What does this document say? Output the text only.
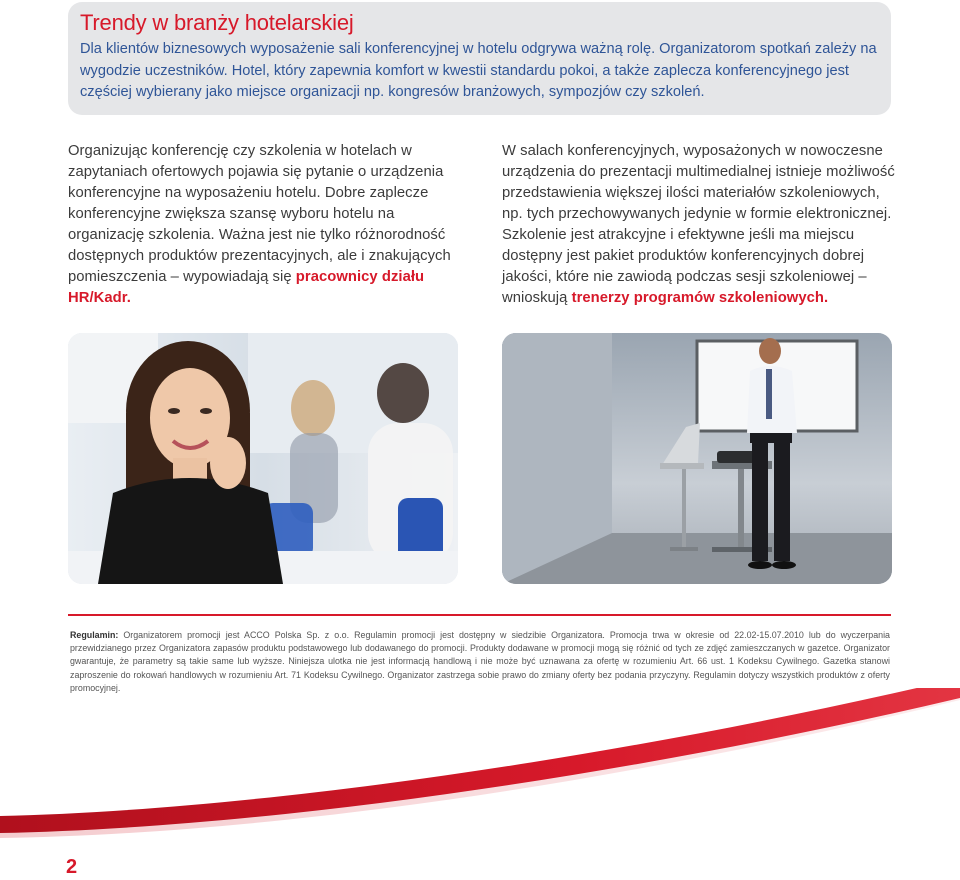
Trendy w branży hotelarskiej

Dla klientów biznesowych wyposażenie sali konferencyjnej w hotelu odgrywa ważną rolę. Organizatorom spotkań zależy na wygodzie uczestników. Hotel, który zapewnia komfort w kwestii standardu pokoi, a także zaplecza konferencyjnego jest częściej wybierany jako miejsce organizacji np. kongresów branżowych, sympozjów czy szkoleń.

Organizując konferencję czy szkolenia w hotelach w zapytaniach ofertowych pojawia się pytanie o urządzenia konferencyjne na wyposażeniu hotelu. Dobre zaplecze konferencyjne zwiększa szansę wyboru hotelu na organizację szkolenia. Ważna jest nie tylko różnorodność dostępnych produktów prezentacyjnych, ale i znakujących pomieszczenia – wypowiadają się pracownicy działu HR/Kadr.

W salach konferencyjnych, wyposażonych w nowoczesne urządzenia do prezentacji multimedialnej istnieje możliwość przedstawienia większej ilości materiałów szkoleniowych, np. tych przechowywanych jedynie w formie elektronicznej. Szkolenie jest atrakcyjne i efektywne jeśli ma miejscu dostępny jest pakiet produktów konferencyjnych dobrej jakości, które nie zawiodą podczas sesji szkoleniowej – wnioskują trenerzy programów szkoleniowych.

Regulamin: Organizatorem promocji jest ACCO Polska Sp. z o.o. Regulamin promocji jest dostępny w siedzibie Organizatora. Promocja trwa w okresie od 22.02-15.07.2010 lub do wyczerpania przewidzianego przez Organizatora zapasów produktu podstawowego lub dodawanego do promocji. Produkty dodawane w promocji mogą się różnić od tych ze zdjęć zamieszczanych w gazetce. Organizator gwarantuje, że parametry są takie same lub wyższe. Niniejsza ulotka nie jest informacją handlową i nie może być uznawana za ofertę w rozumieniu Art. 66 ust. 1 Kodeksu Cywilnego. Gazetka stanowi zaproszenie do rokowań handlowych w rozumieniu Art. 71 Kodeksu Cywilnego. Organizator zastrzega sobie prawo do zmiany oferty bez podania przyczyny. Regulamin dotyczy wszystkich produktów z oferty promocyjnej.

2
